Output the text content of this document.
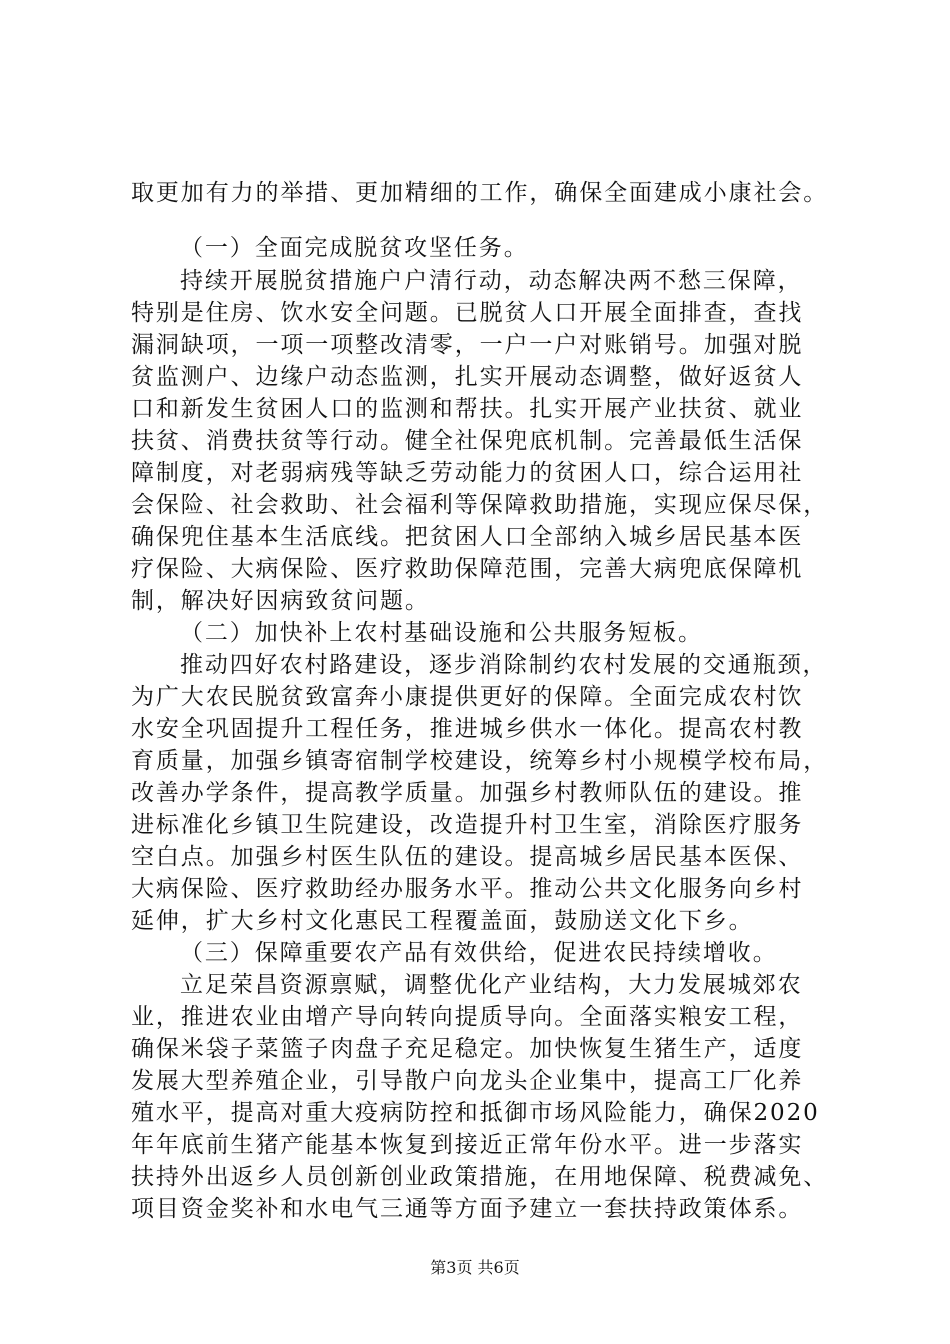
取更加有力的举措、更加精细的工作，确保全面建成小康社会。
（一）全面完成脱贫攻坚任务。
持续开展脱贫措施户户清行动，动态解决两不愁三保障，
特别是住房、饮水安全问题。已脱贫人口开展全面排查，查找
漏洞缺项，一项一项整改清零，一户一户对账销号。加强对脱
贫监测户、边缘户动态监测，扎实开展动态调整，做好返贫人
口和新发生贫困人口的监测和帮扶。扎实开展产业扶贫、就业
扶贫、消费扶贫等行动。健全社保兜底机制。完善最低生活保
障制度，对老弱病残等缺乏劳动能力的贫困人口，综合运用社
会保险、社会救助、社会福利等保障救助措施，实现应保尽保，
确保兜住基本生活底线。把贫困人口全部纳入城乡居民基本医
疗保险、大病保险、医疗救助保障范围，完善大病兜底保障机
制，解决好因病致贫问题。
（二）加快补上农村基础设施和公共服务短板。
推动四好农村路建设，逐步消除制约农村发展的交通瓶颈，
为广大农民脱贫致富奔小康提供更好的保障。全面完成农村饮
水安全巩固提升工程任务，推进城乡供水一体化。提高农村教
育质量，加强乡镇寄宿制学校建设，统筹乡村小规模学校布局，
改善办学条件，提高教学质量。加强乡村教师队伍的建设。推
进标准化乡镇卫生院建设，改造提升村卫生室，消除医疗服务
空白点。加强乡村医生队伍的建设。提高城乡居民基本医保、
大病保险、医疗救助经办服务水平。推动公共文化服务向乡村
延伸，扩大乡村文化惠民工程覆盖面，鼓励送文化下乡。
（三）保障重要农产品有效供给，促进农民持续增收。
立足荣昌资源禀赋，调整优化产业结构，大力发展城郊农
业，推进农业由增产导向转向提质导向。全面落实粮安工程，
确保米袋子菜篮子肉盘子充足稳定。加快恢复生猪生产，适度
发展大型养殖企业，引导散户向龙头企业集中，提高工厂化养
殖水平，提高对重大疫病防控和抵御市场风险能力，确保2020
年年底前生猪产能基本恢复到接近正常年份水平。进一步落实
扶持外出返乡人员创新创业政策措施，在用地保障、税费减免、
项目资金奖补和水电气三通等方面予建立一套扶持政策体系。
第3页 共6页
